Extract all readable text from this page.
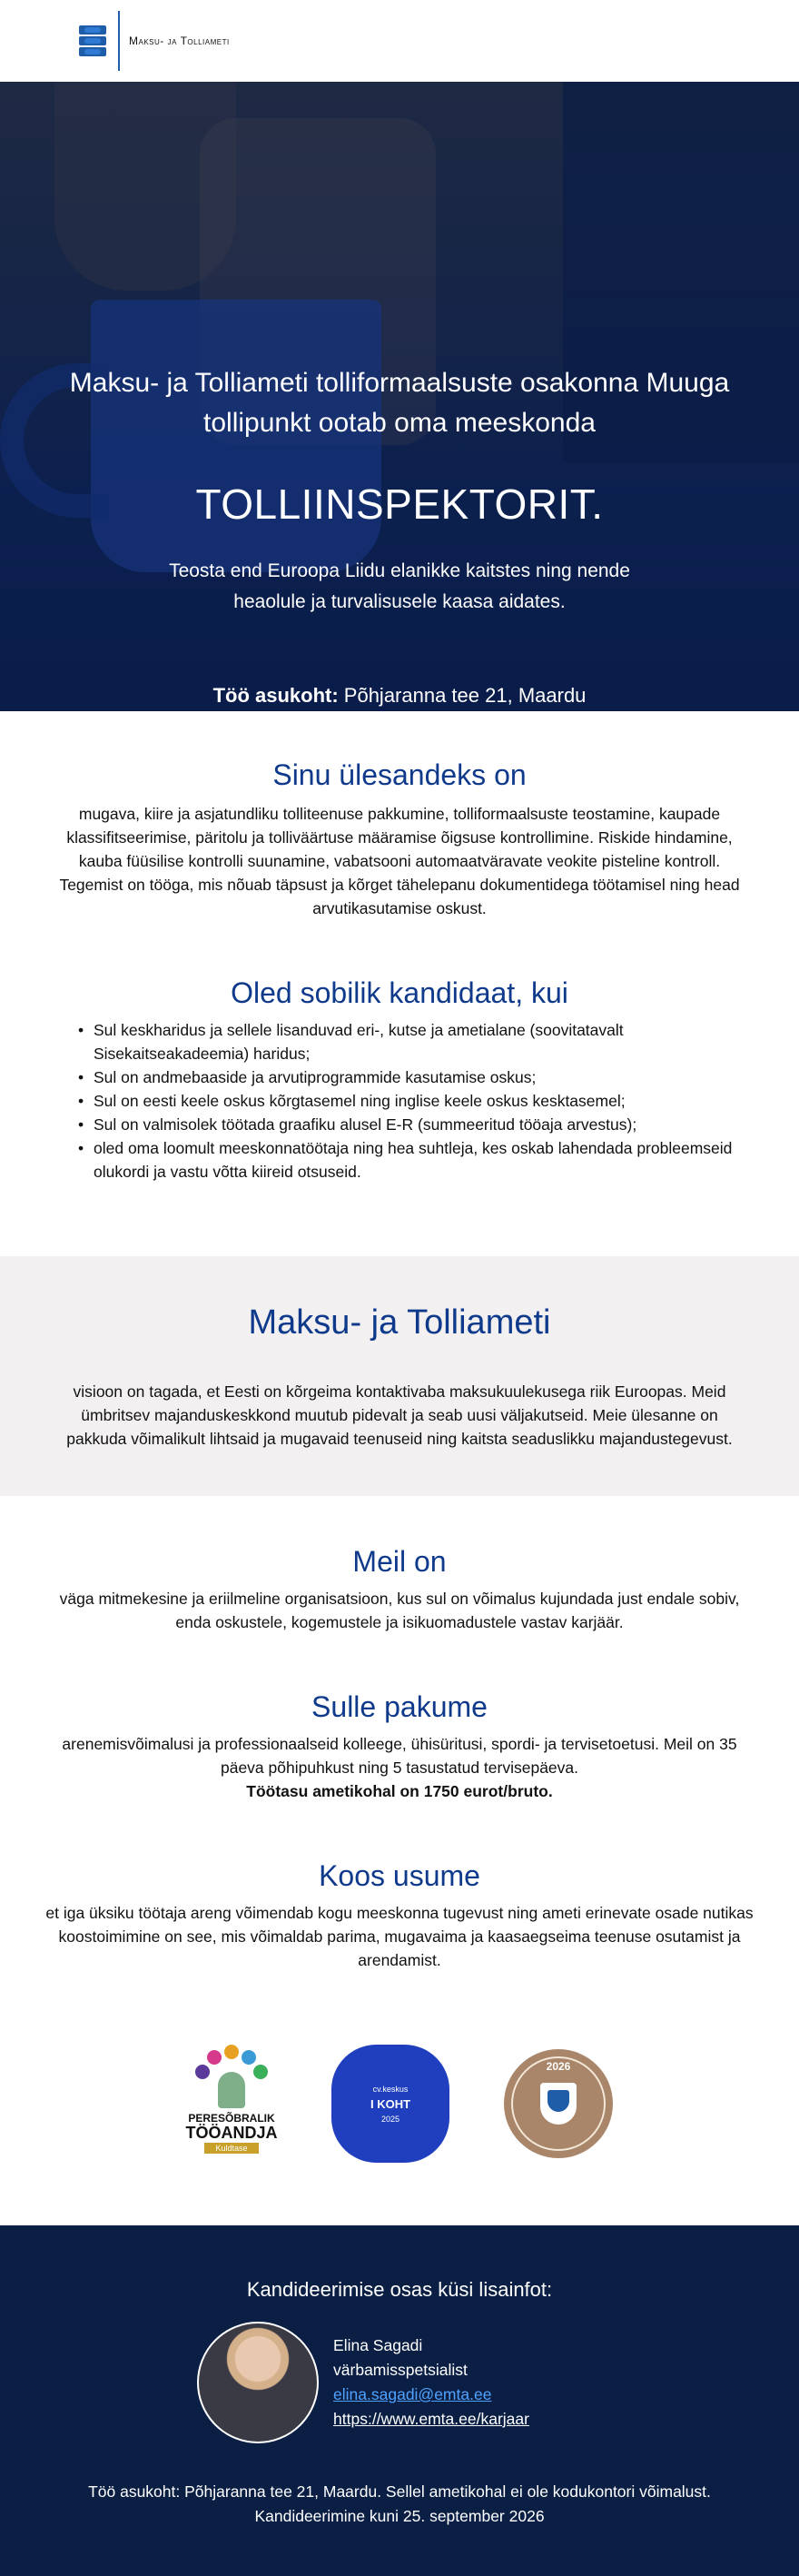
Maksu- ja Tolliameti
Maksu- ja Tolliameti tolliformaalsuste osakonna Muuga tollipunkt ootab oma meeskonda
TOLLIINSPEKTORIT.

Teosta end Euroopa Liidu elanikke kaitstes ning nende heaolule ja turvalisusele kaasa aidates.

Töö asukoht: Põhjaranna tee 21, Maardu

Sinu ülesandeks on

mugava, kiire ja asjatundliku tolliteenuse pakkumine, tolliformaalsuste teostamine, kaupade klassifitseerimise, päritolu ja tolliväärtuse määramise õigsuse kontrollimine. Riskide hindamine, kauba füüsilise kontrolli suunamine, vabatsooni automaatväravate veokite pisteline kontroll. Tegemist on tööga, mis nõuab täpsust ja kõrget tähelepanu dokumentidega töötamisel ning head arvutikasutamise oskust.

Oled sobilik kandidaat, kui
• Sul keskharidus ja sellele lisanduvad eri-, kutse ja ametialane (soovitatavalt Sisekaitseakadeemia) haridus;
• Sul on andmebaaside ja arvutiprogrammide kasutamise oskus;
• Sul on eesti keele oskus kõrgtasemel ning inglise keele oskus kesktasemel;
• Sul on valmisolek töötada graafiku alusel E-R (summeeritud tööaja arvestus);
• oled oma loomult meeskonnatöötaja ning hea suhtleja, kes oskab lahendada probleemseid olukordi ja vastu võtta kiireid otsuseid.
Maksu- ja Tolliameti

visioon on tagada, et Eesti on kõrgeima kontaktivaba maksukuulekusega riik Euroopas. Meid ümbritsev majanduskeskkond muutub pidevalt ja seab uusi väljakutseid. Meie ülesanne on pakkuda võimalikult lihtsaid ja mugavaid teenuseid ning kaitsta seaduslikku majandustegevust.

Meil on

väga mitmekesine ja eriilmeline organisatsioon, kus sul on võimalus kujundada just endale sobiv, enda oskustele, kogemustele ja isikuomadustele vastav karjäär.

Sulle pakume

arenemisvõimalusi ja professionaalseid kolleege, ühisüritusi, spordi- ja tervisetoetusi. Meil on 35 päeva põhipuhkust ning 5 tasustatud tervisepäeva.

Töötasu ametikohal on 1750 eurot/bruto.

Koos usume

et iga üksiku töötaja areng võimendab kogu meeskonna tugevust ning ameti erinevate osade nutikas koostoimimine on see, mis võimaldab parima, mugavaima ja kaasaegseima teenuse osutamist ja arendamist.

PERESÕBRALIK
TÖÖANDJA
Kuldtase
cv.keskus
I KOHT
2025
2026
Kandideerimise osas küsi lisainfot:
Elina Sagadi
värbamisspetsialist
elina.sagadi@emta.ee
https://www.emta.ee/karjaar
Töö asukoht: Põhjaranna tee 21, Maardu. Sellel ametikohal ei ole kodukontori võimalust.
Kandideerimine kuni 25. september 2026
